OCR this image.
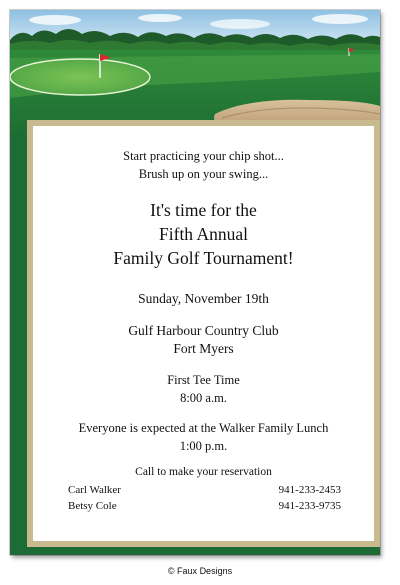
Start practicing your chip shot...
Brush up on your swing...
It's time for the
Fifth Annual
Family Golf Tournament!
Sunday, November 19th
Gulf Harbour Country Club
Fort Myers
First Tee Time
8:00 a.m.
Everyone is expected at the Walker Family Lunch
1:00 p.m.
Call to make your reservation
Carl Walker	941-233-2453
Betsy Cole	941-233-9735
© Faux Designs
